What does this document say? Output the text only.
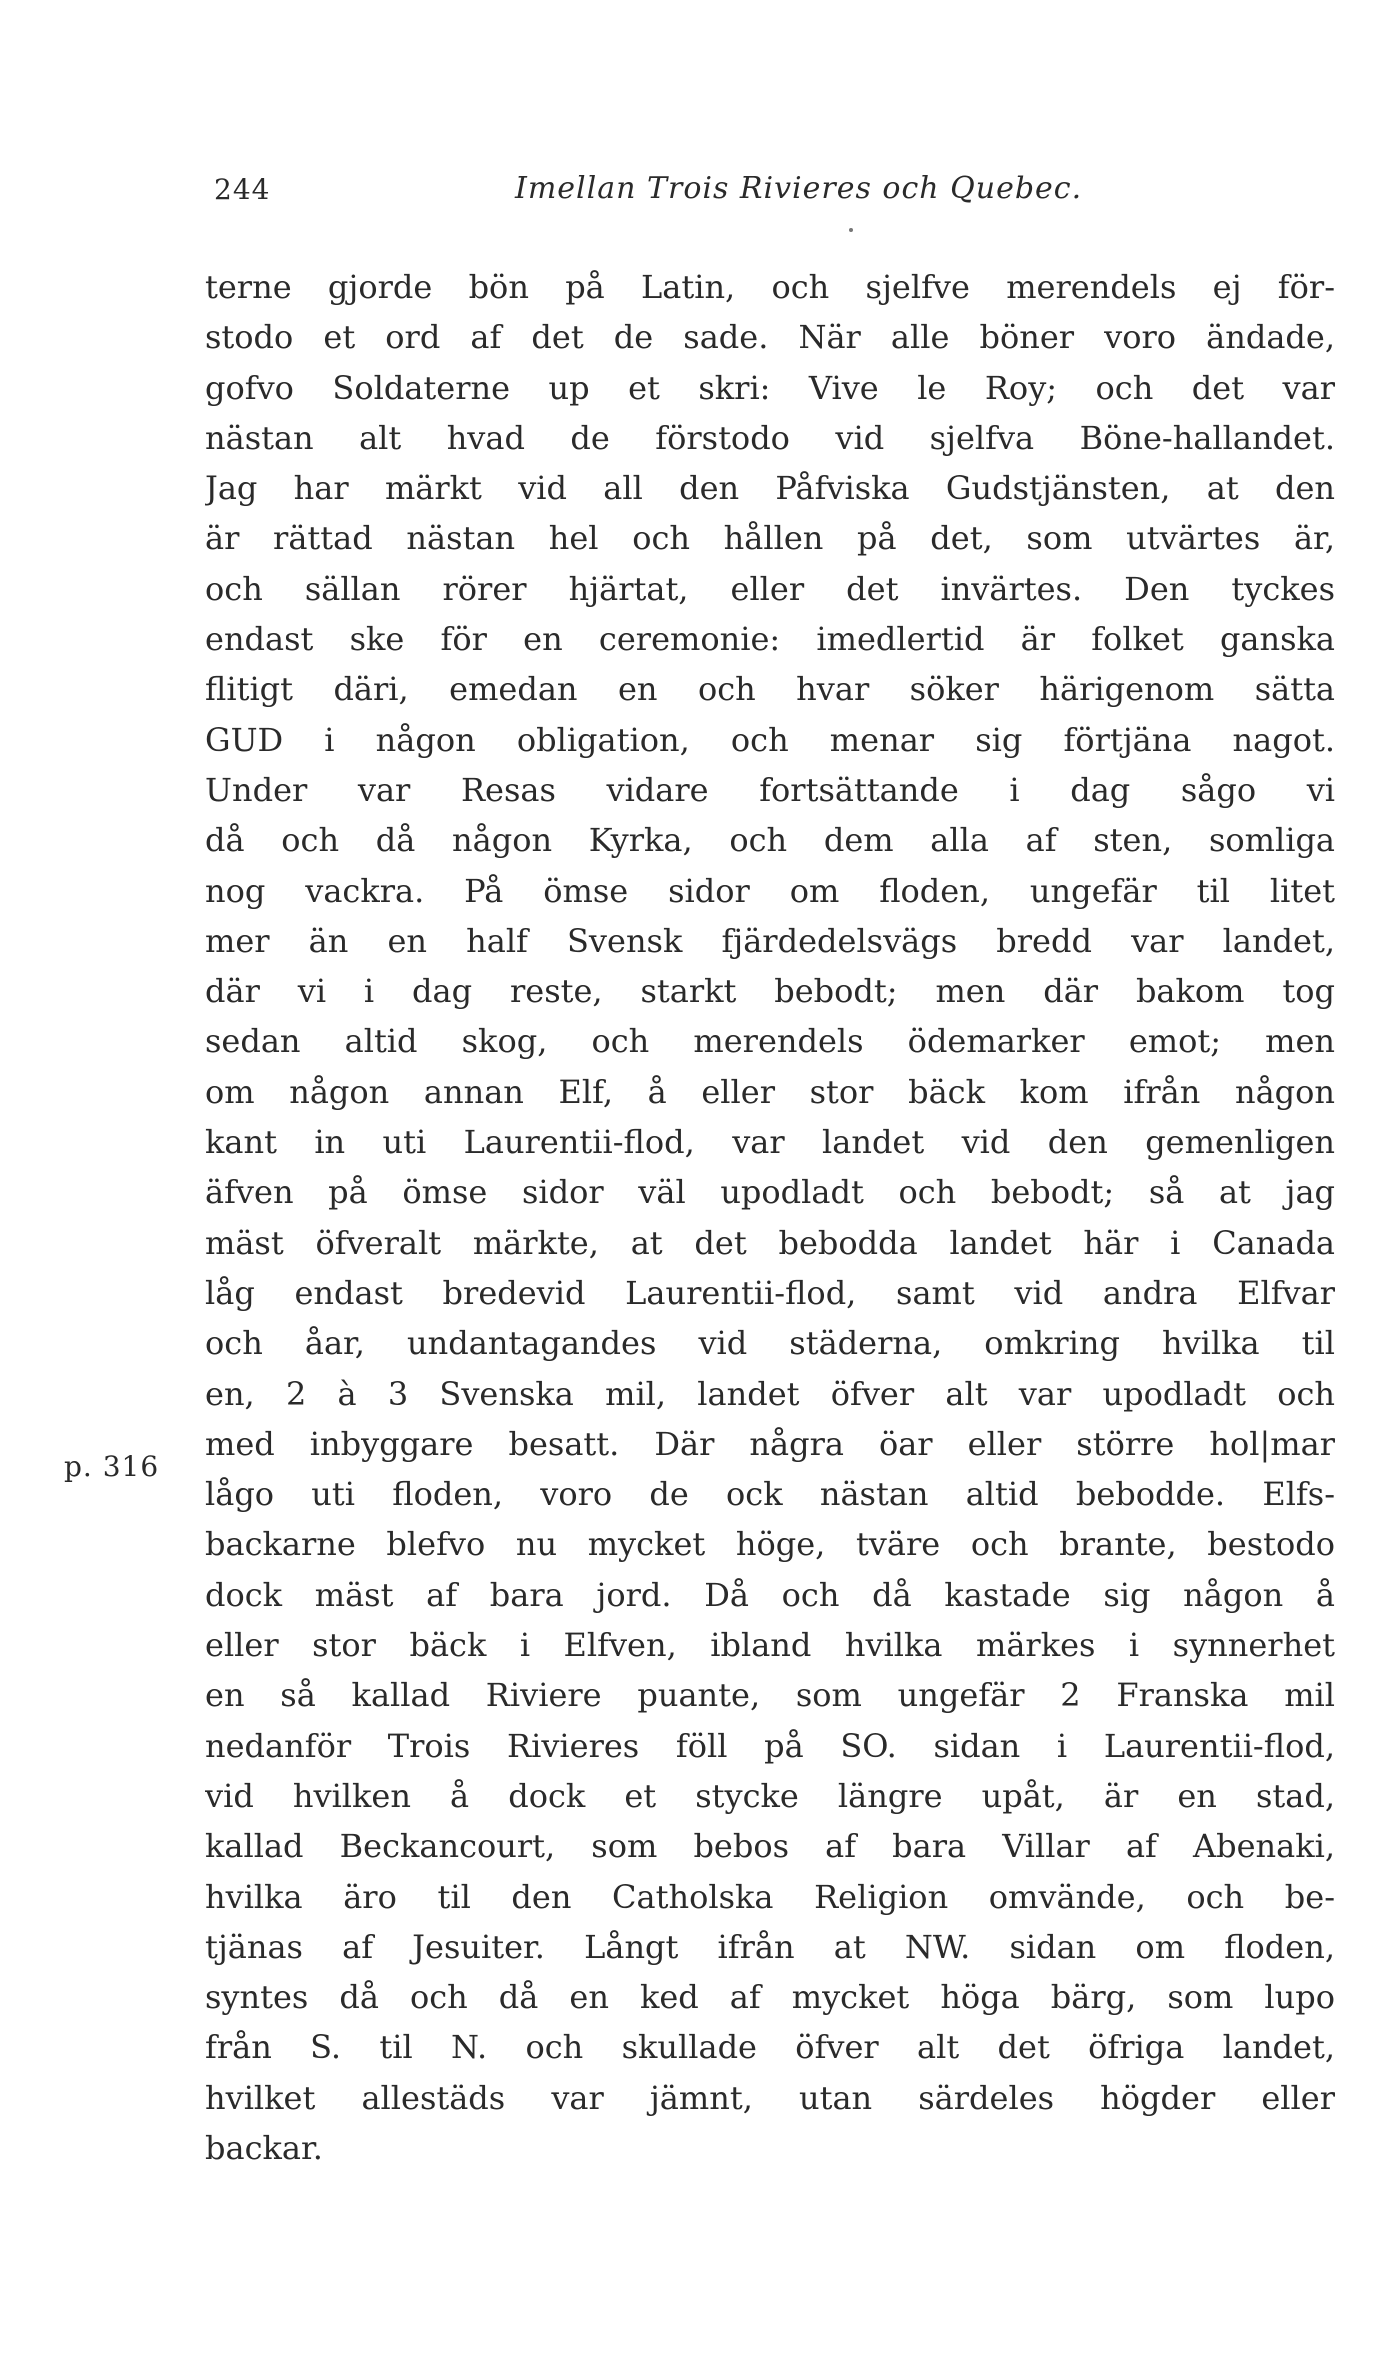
244	Imellan Trois Rivieres och Quebec.
p. 316
terne gjorde bön på Latin, och sjelfve merendels ej för-
stodo et ord af det de sade. När alle böner voro ändade,
gofvo Soldaterne up et skri: Vive le Roy; och det var
nästan alt hvad de förstodo vid sjelfva Böne-hallandet.
Jag har märkt vid all den Påfviska Gudstjänsten, at den
är rättad nästan hel och hållen på det, som utvärtes är,
och sällan rörer hjärtat, eller det invärtes. Den tyckes
endast ske för en ceremonie: imedlertid är folket ganska
flitigt däri, emedan en och hvar söker härigenom sätta
GUD i någon obligation, och menar sig förtjäna nagot.
Under var Resas vidare fortsättande i dag sågo vi
då och då någon Kyrka, och dem alla af sten, somliga
nog vackra. På ömse sidor om floden, ungefär til litet
mer än en half Svensk fjärdedelsvägs bredd var landet,
där vi i dag reste, starkt bebodt; men där bakom tog
sedan altid skog, och merendels ödemarker emot; men
om någon annan Elf, å eller stor bäck kom ifrån någon
kant in uti Laurentii-flod, var landet vid den gemenligen
äfven på ömse sidor väl upodladt och bebodt; så at jag
mäst öfveralt märkte, at det bebodda landet här i Canada
låg endast bredevid Laurentii-flod, samt vid andra Elfvar
och åar, undantagandes vid städerna, omkring hvilka til
en, 2 à 3 Svenska mil, landet öfver alt var upodladt och
med inbyggare besatt. Där några öar eller större hol|mar
lågo uti floden, voro de ock nästan altid bebodde. Elfs-
backarne blefvo nu mycket höge, tväre och brante, bestodo
dock mäst af bara jord. Då och då kastade sig någon å
eller stor bäck i Elfven, ibland hvilka märkes i synnerhet
en så kallad Riviere puante, som ungefär 2 Franska mil
nedanför Trois Rivieres föll på SO. sidan i Laurentii-flod,
vid hvilken å dock et stycke längre upåt, är en stad,
kallad Beckancourt, som bebos af bara Villar af Abenaki,
hvilka äro til den Catholska Religion omvände, och be-
tjänas af Jesuiter. Långt ifrån at NW. sidan om floden,
syntes då och då en ked af mycket höga bärg, som lupo
från S. til N. och skullade öfver alt det öfriga landet,
hvilket allestäds var jämnt, utan särdeles högder eller
backar.
